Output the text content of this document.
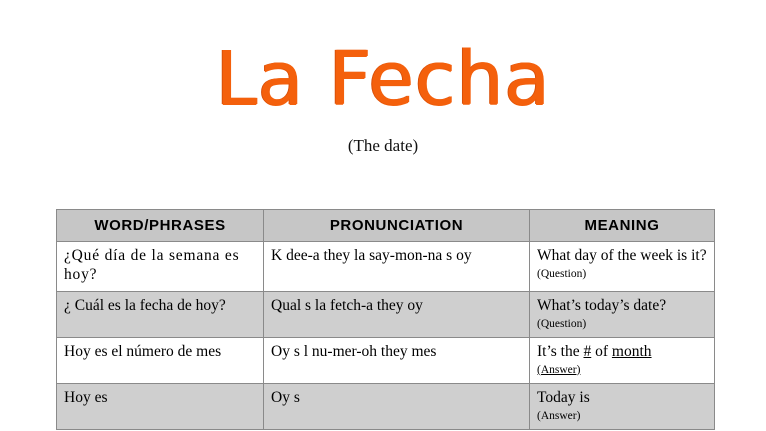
La Fecha

(The date)

WORD/PHRASES	PRONUNCIATION	MEANING

¿Qué día de la semana es hoy?	K dee-a they la say-mon-na s oy	What day of the week is it?
(Question)

¿ Cuál es la fecha de hoy?	Qual s la fetch-a they oy	What’s today’s date?
(Question)

Hoy es el número de mes	Oy s l nu-mer-oh they mes	It’s the # of month
(Answer)

Hoy es	Oy s	Today is
(Answer)
